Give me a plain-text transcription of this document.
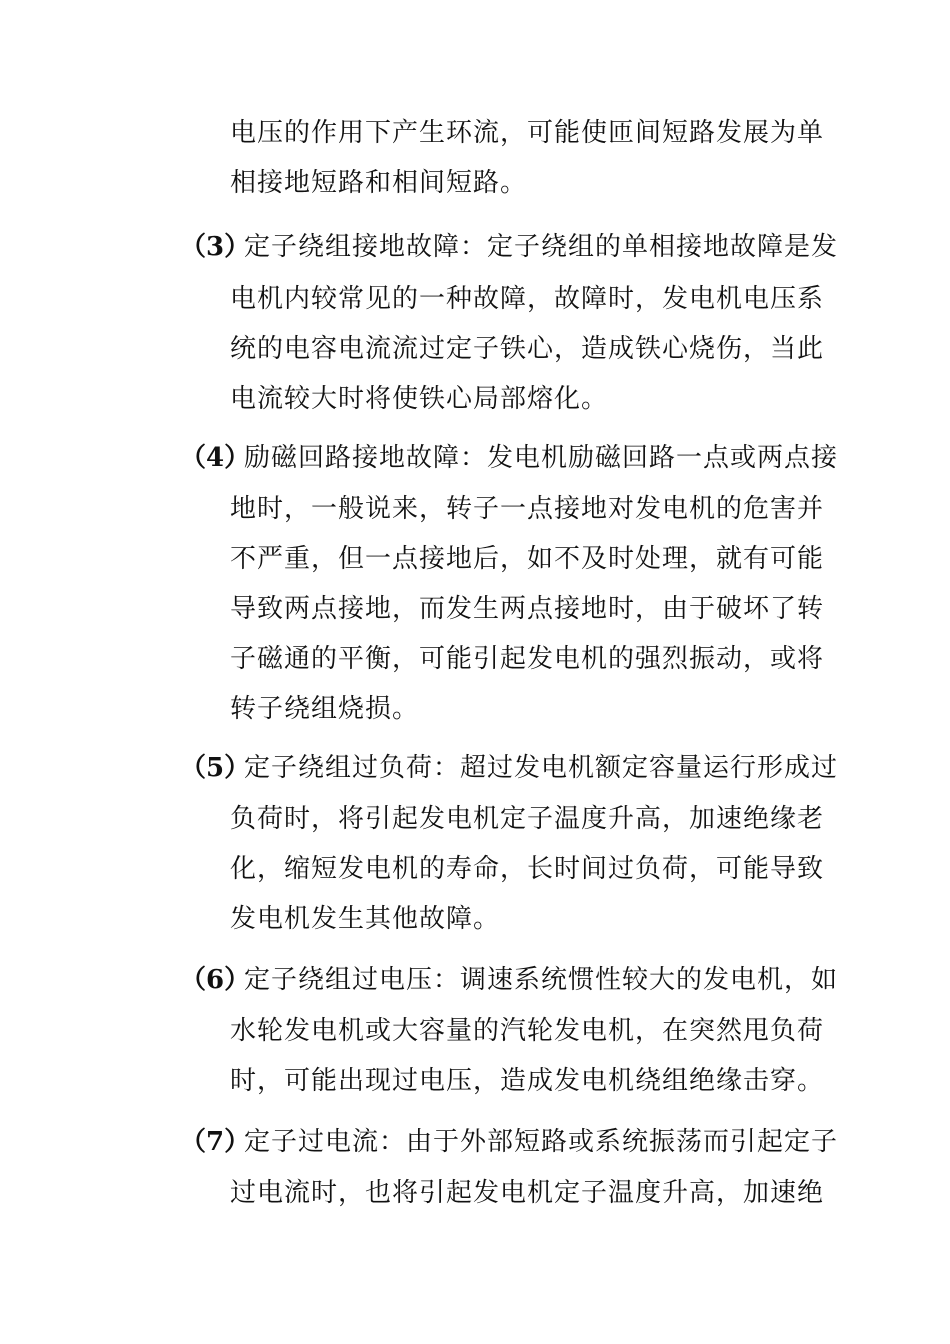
电压的作用下产生环流，可能使匝间短路发展为单
相接地短路和相间短路。
（3）
定子绕组接地故障：定子绕组的单相接地故障是发
电机内较常见的一种故障，故障时，发电机电压系
统的电容电流流过定子铁心，造成铁心烧伤，当此
电流较大时将使铁心局部熔化。
（4）
励磁回路接地故障：发电机励磁回路一点或两点接
地时，一般说来，转子一点接地对发电机的危害并
不严重，但一点接地后，如不及时处理，就有可能
导致两点接地，而发生两点接地时，由于破坏了转
子磁通的平衡，可能引起发电机的强烈振动，或将
转子绕组烧损。
（5）
定子绕组过负荷：超过发电机额定容量运行形成过
负荷时，将引起发电机定子温度升高，加速绝缘老
化，缩短发电机的寿命，长时间过负荷，可能导致
发电机发生其他故障。
（6）
定子绕组过电压：调速系统惯性较大的发电机，如
水轮发电机或大容量的汽轮发电机，在突然甩负荷
时，可能出现过电压，造成发电机绕组绝缘击穿。
（7）
定子过电流：由于外部短路或系统振荡而引起定子
过电流时，也将引起发电机定子温度升高，加速绝
